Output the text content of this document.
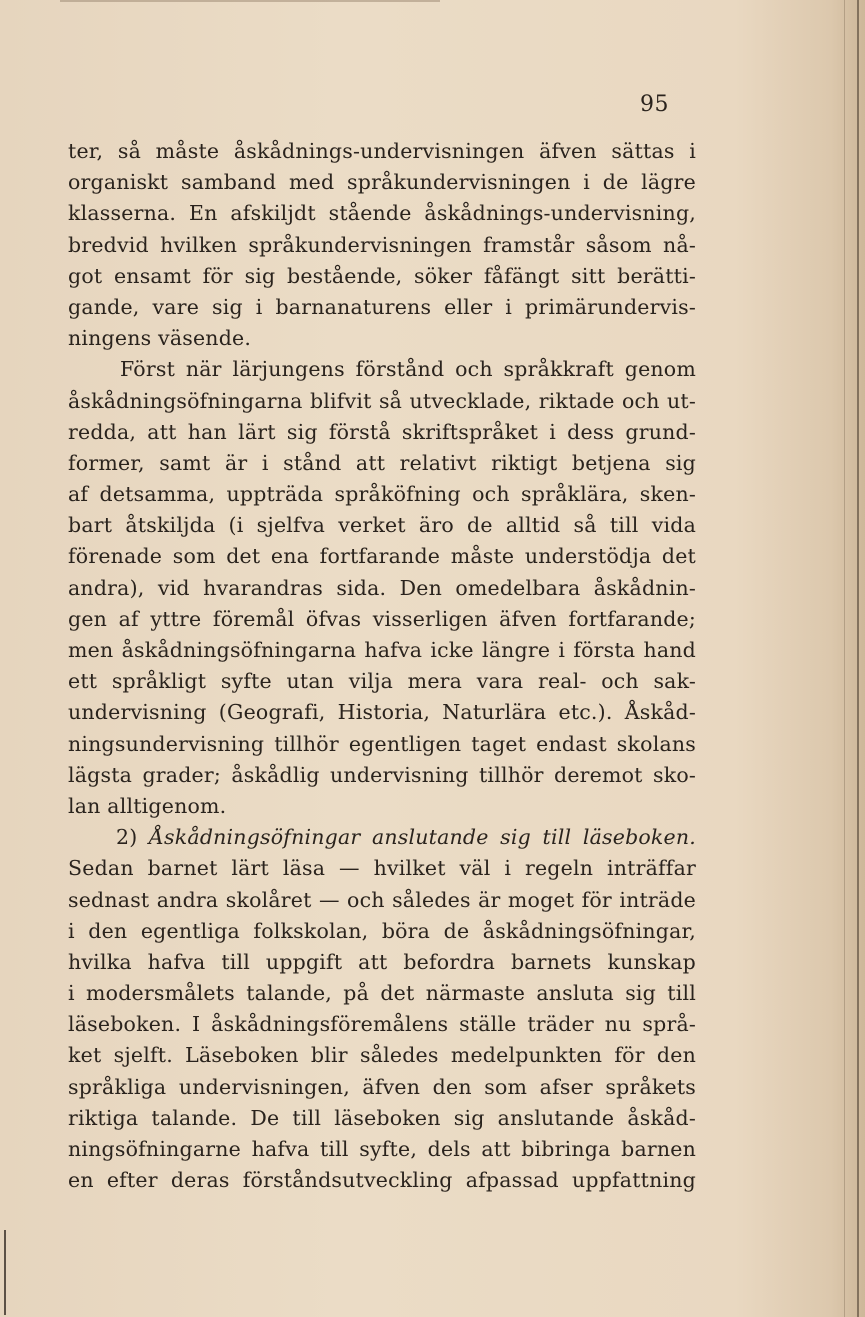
95
ter, så måste åskådnings-undervisningen äfven sättas i
organiskt samband med språkundervisningen i de lägre
klasserna. En afskiljdt stående åskådnings-undervisning,
bredvid hvilken språkundervisningen framstår såsom nå-
got ensamt för sig bestående, söker fåfängt sitt berätti-
gande, vare sig i barnanaturens eller i primärundervis-
ningens väsende.
Först när lärjungens förstånd och språkkraft genom
åskådningsöfningarna blifvit så utvecklade, riktade och ut-
redda, att han lärt sig förstå skriftspråket i dess grund-
former, samt är i stånd att relativt riktigt betjena sig
af detsamma, uppträda språköfning och språklära, sken-
bart åtskiljda (i sjelfva verket äro de alltid så till vida
förenade som det ena fortfarande måste understödja det
andra), vid hvarandras sida. Den omedelbara åskådnin-
gen af yttre föremål öfvas visserligen äfven fortfarande;
men åskådningsöfningarna hafva icke längre i första hand
ett språkligt syfte utan vilja mera vara real- och sak-
undervisning (Geografi, Historia, Naturlära etc.). Åskåd-
ningsundervisning tillhör egentligen taget endast skolans
lägsta grader; åskådlig undervisning tillhör deremot sko-
lan alltigenom.
2) Åskådningsöfningar anslutande sig till läseboken.
Sedan barnet lärt läsa — hvilket väl i regeln inträffar
sednast andra skolåret — och således är moget för inträde
i den egentliga folkskolan, böra de åskådningsöfningar,
hvilka hafva till uppgift att befordra barnets kunskap
i modersmålets talande, på det närmaste ansluta sig till
läseboken. I åskådningsföremålens ställe träder nu språ-
ket sjelft. Läseboken blir således medelpunkten för den
språkliga undervisningen, äfven den som afser språkets
riktiga talande. De till läseboken sig anslutande åskåd-
ningsöfningarne hafva till syfte, dels att bibringa barnen
en efter deras förståndsutveckling afpassad uppfattning
